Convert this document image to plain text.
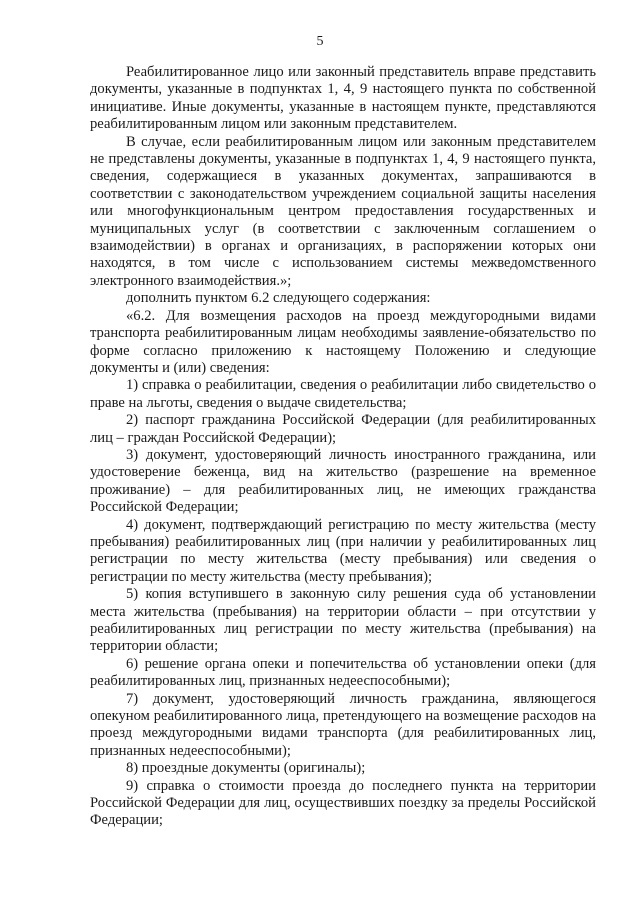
5

Реабилитированное лицо или законный представитель вправе представить документы, указанные в подпунктах 1, 4, 9 настоящего пункта по собственной инициативе. Иные документы, указанные в настоящем пункте, представляются реабилитированным лицом или законным представителем.

В случае, если реабилитированным лицом или законным представителем не представлены документы, указанные в подпунктах 1, 4, 9 настоящего пункта, сведения, содержащиеся в указанных документах, запрашиваются в соответствии с законодательством учреждением социальной защиты населения или многофункциональным центром предоставления государственных и муниципальных услуг (в соответствии с заключенным соглашением о взаимодействии) в органах и организациях, в распоряжении которых они находятся, в том числе с использованием системы межведомственного электронного взаимодействия.»;

дополнить пунктом 6.2 следующего содержания:

«6.2. Для возмещения расходов на проезд междугородными видами транспорта реабилитированным лицам необходимы заявление-обязательство по форме согласно приложению к настоящему Положению и следующие документы и (или) сведения:

1) справка о реабилитации, сведения о реабилитации либо свидетельство о праве на льготы, сведения о выдаче свидетельства;

2) паспорт гражданина Российской Федерации (для реабилитированных лиц – граждан Российской Федерации);

3) документ, удостоверяющий личность иностранного гражданина, или удостоверение беженца, вид на жительство (разрешение на временное проживание) – для реабилитированных лиц, не имеющих гражданства Российской Федерации;

4) документ, подтверждающий регистрацию по месту жительства (месту пребывания) реабилитированных лиц (при наличии у реабилитированных лиц регистрации по месту жительства (месту пребывания) или сведения о регистрации по месту жительства (месту пребывания);

5) копия вступившего в законную силу решения суда об установлении места жительства (пребывания) на территории области – при отсутствии у реабилитированных лиц регистрации по месту жительства (пребывания) на территории области;

6) решение органа опеки и попечительства об установлении опеки (для реабилитированных лиц, признанных недееспособными);

7) документ, удостоверяющий личность гражданина, являющегося опекуном реабилитированного лица, претендующего на возмещение расходов на проезд междугородными видами транспорта (для реабилитированных лиц, признанных недееспособными);

8) проездные документы (оригиналы);

9) справка о стоимости проезда до последнего пункта на территории Российской Федерации для лиц, осуществивших поездку за пределы Российской Федерации;
